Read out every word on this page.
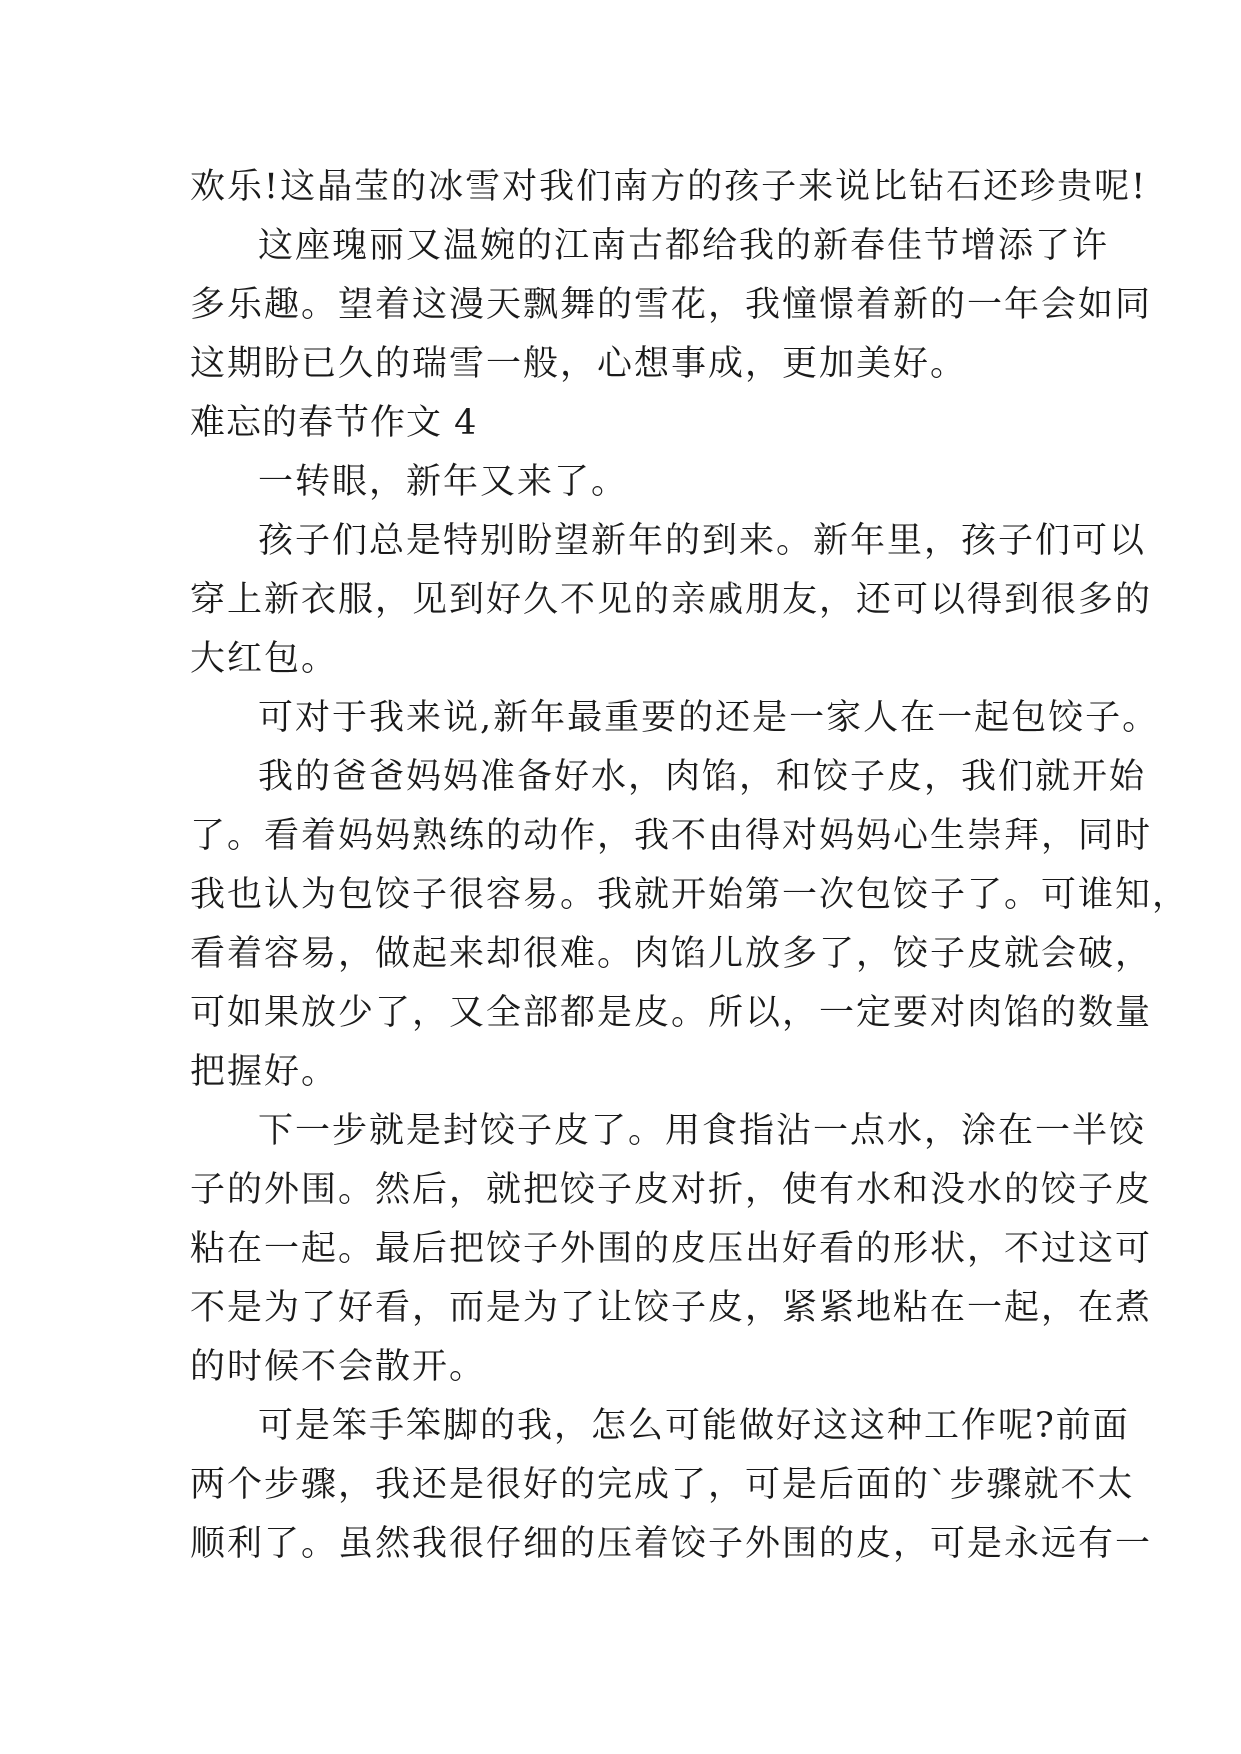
欢乐!这晶莹的冰雪对我们南方的孩子来说比钻石还珍贵呢!
这座瑰丽又温婉的江南古都给我的新春佳节增添了许
多乐趣。望着这漫天飘舞的雪花，我憧憬着新的一年会如同
这期盼已久的瑞雪一般，心想事成，更加美好。
难忘的春节作文 4
一转眼，新年又来了。
孩子们总是特别盼望新年的到来。新年里，孩子们可以
穿上新衣服，见到好久不见的亲戚朋友，还可以得到很多的
大红包。
可对于我来说,新年最重要的还是一家人在一起包饺子。
我的爸爸妈妈准备好水，肉馅，和饺子皮，我们就开始
了。看着妈妈熟练的动作，我不由得对妈妈心生崇拜，同时
我也认为包饺子很容易。我就开始第一次包饺子了。可谁知，
看着容易，做起来却很难。肉馅儿放多了，饺子皮就会破，
可如果放少了，又全部都是皮。所以，一定要对肉馅的数量
把握好。
下一步就是封饺子皮了。用食指沾一点水，涂在一半饺
子的外围。然后，就把饺子皮对折，使有水和没水的饺子皮
粘在一起。最后把饺子外围的皮压出好看的形状，不过这可
不是为了好看，而是为了让饺子皮，紧紧地粘在一起，在煮
的时候不会散开。
可是笨手笨脚的我，怎么可能做好这这种工作呢?前面
两个步骤，我还是很好的完成了，可是后面的`步骤就不太
顺利了。虽然我很仔细的压着饺子外围的皮，可是永远有一
